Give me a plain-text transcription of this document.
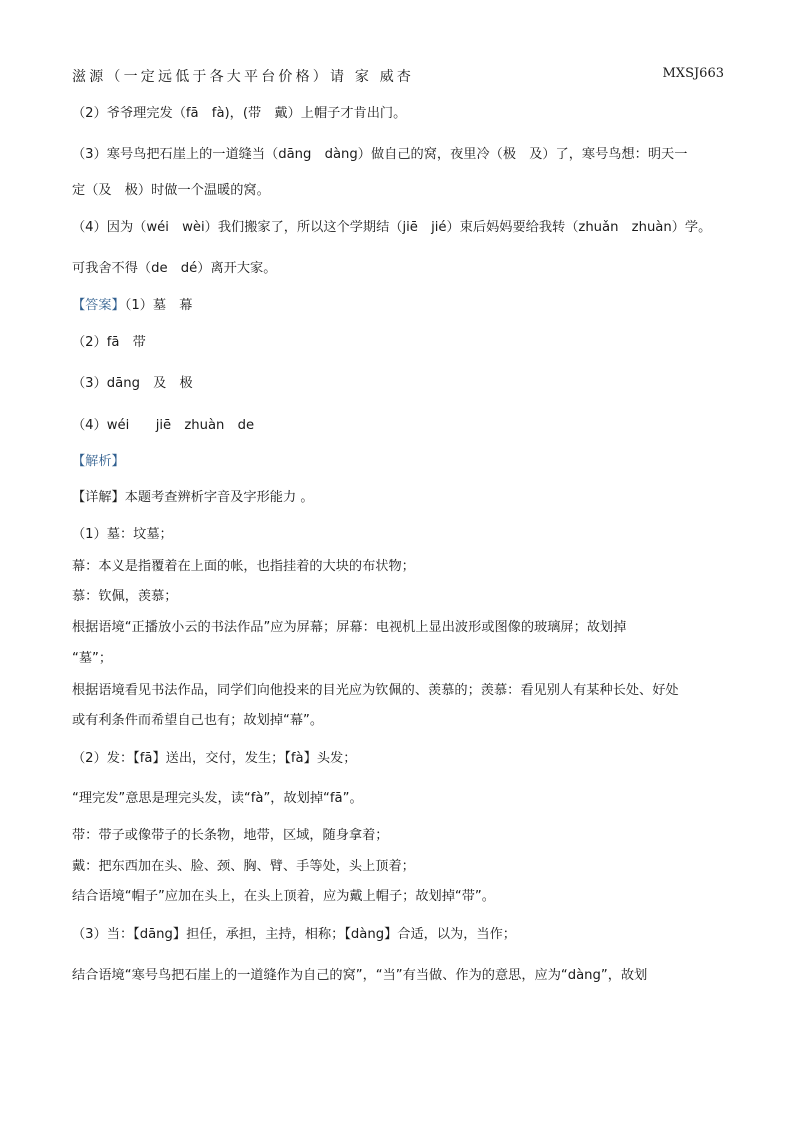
滋源（一定远低于各大平台价格）请 家 威杏	MXSJ663
（2）爷爷理完发（fā　fà)，(带　戴）上帽子才肯出门。
（3）寒号鸟把石崖上的一道缝当（dāng　dàng）做自己的窝，夜里冷（极　及）了，寒号鸟想：明天一
定（及　极）时做一个温暖的窝。
（4）因为（wéi　wèi）我们搬家了，所以这个学期结（jiē　jié）束后妈妈要给我转（zhuǎn　zhuàn）学。
可我舍不得（de　dé）离开大家。
【答案】（1）墓　幕
（2）fā　带
（3）dāng　及　极
（4）wéi　　jiē　zhuàn　de
【解析】
【详解】本题考查辨析字音及字形能力 。
（1）墓：坟墓；
幕：本义是指覆着在上面的帐，也指挂着的大块的布状物；
慕：钦佩，羡慕；
根据语境“正播放小云的书法作品”应为屏幕；屏幕：电视机上显出波形或图像的玻璃屏；故划掉
“墓”；
根据语境看见书法作品，同学们向他投来的目光应为钦佩的、羡慕的；羡慕：看见别人有某种长处、好处
或有利条件而希望自己也有；故划掉“幕”。
（2）发：【fā】送出，交付，发生；【fà】头发；
“理完发”意思是理完头发，读“fà”，故划掉“fā”。
带：带子或像带子的长条物，地带，区域，随身拿着；
戴：把东西加在头、脸、颈、胸、臂、手等处，头上顶着；
结合语境“帽子”应加在头上，在头上顶着，应为戴上帽子；故划掉“带”。
（3）当：【dāng】担任，承担，主持，相称；【dàng】合适，以为，当作；
结合语境“寒号鸟把石崖上的一道缝作为自己的窝”，“当”有当做、作为的意思，应为“dàng”，故划
